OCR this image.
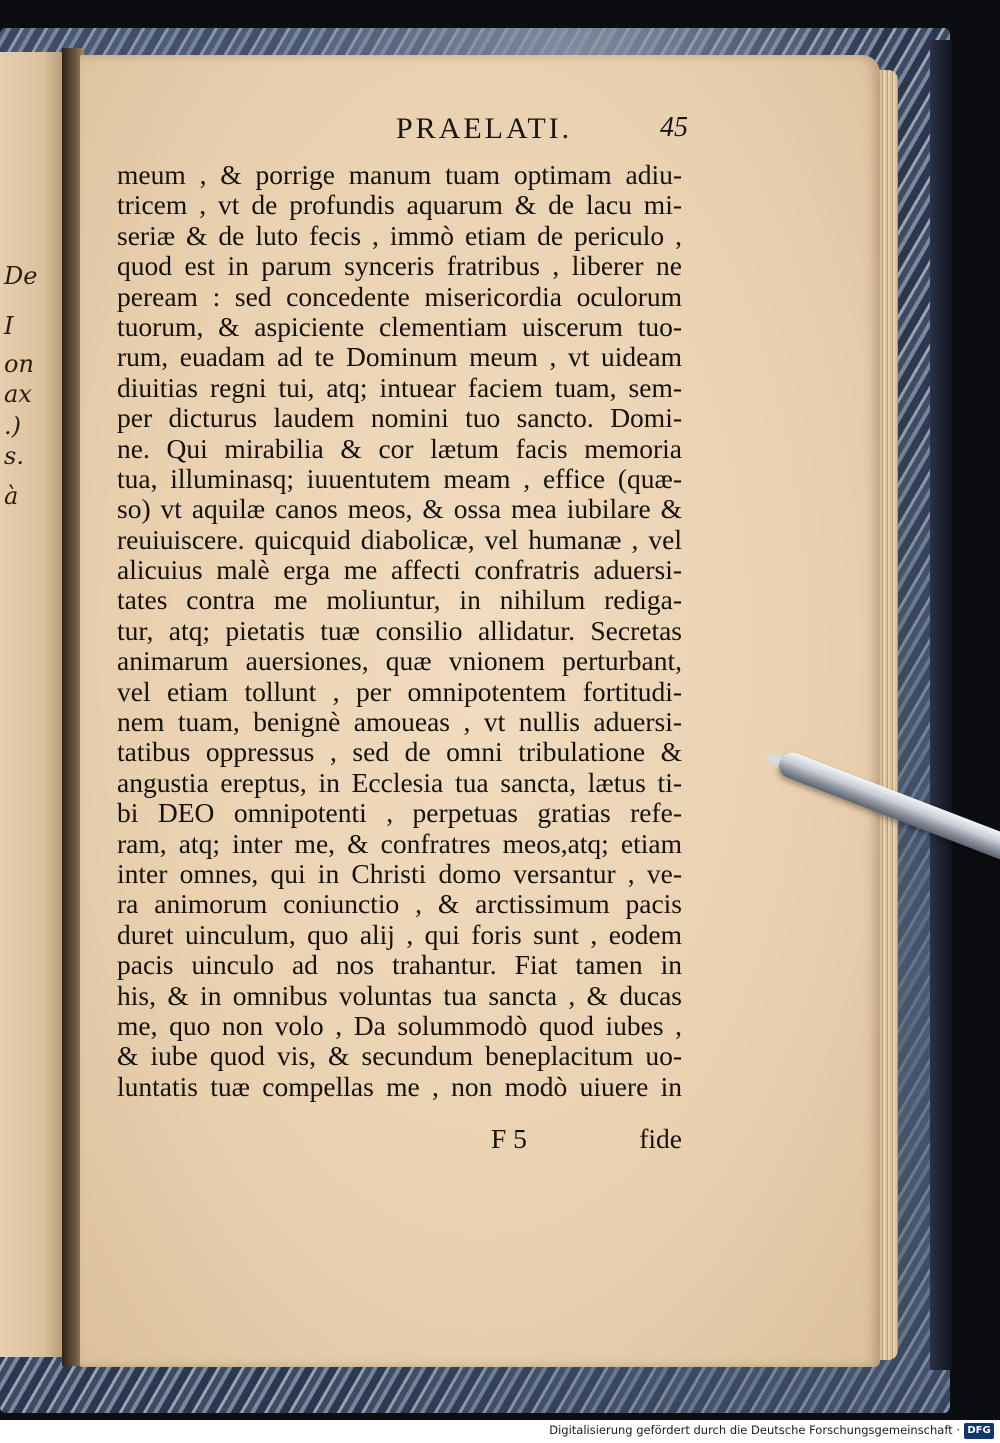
De
I
on
ax
.)
s.
à
PRAELATI.	45
meum , & porrige manum tuam optimam adiu-
tricem , vt de profundis aquarum & de lacu mi-
seriæ & de luto fecis , immò etiam de periculo ,
quod est in parum synceris fratribus , liberer ne
peream : sed concedente misericordia oculorum
tuorum, & aspiciente clementiam uiscerum tuo-
rum, euadam ad te Dominum meum , vt uideam
diuitias regni tui, atq; intuear faciem tuam, sem-
per dicturus laudem nomini tuo sancto. Domi-
ne. Qui mirabilia & cor lætum facis memoria
tua, illuminasq; iuuentutem meam , effice (quæ-
so) vt aquilæ canos meos, & ossa mea iubilare &
reuiuiscere. quicquid diabolicæ, vel humanæ , vel
alicuius malè erga me affecti confratris aduersi-
tates contra me moliuntur, in nihilum rediga-
tur, atq; pietatis tuæ consilio allidatur. Secretas
animarum auersiones, quæ vnionem perturbant,
vel etiam tollunt , per omnipotentem fortitudi-
nem tuam, benignè amoueas , vt nullis aduersi-
tatibus oppressus , sed de omni tribulatione &
angustia ereptus, in Ecclesia tua sancta, lætus ti-
bi DEO omnipotenti , perpetuas gratias refe-
ram, atq; inter me, & confratres meos,atq; etiam
inter omnes, qui in Christi domo versantur , ve-
ra animorum coniunctio , & arctissimum pacis
duret uinculum, quo alij , qui foris sunt , eodem
pacis uinculo ad nos trahantur. Fiat tamen in
his, & in omnibus voluntas tua sancta , & ducas
me, quo non volo , Da solummodò quod iubes ,
& iube quod vis, & secundum beneplacitum uo-
luntatis tuæ compellas me , non modò uiuere in
F 5	fide
Digitalisierung gefördert durch die Deutsche Forschungsgemeinschaft · DFG
